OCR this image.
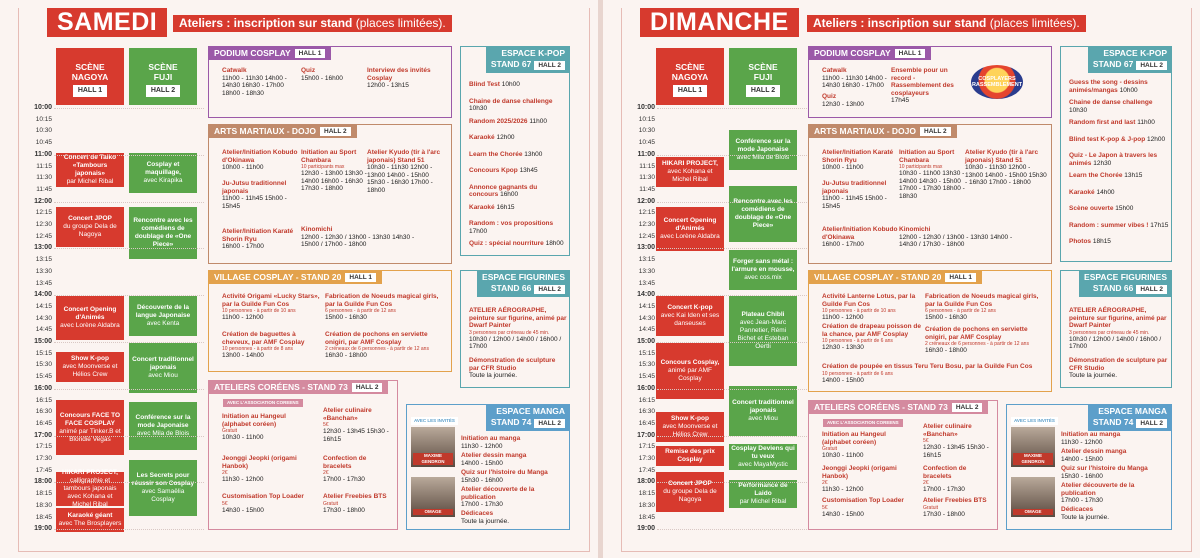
SAMEDI	Ateliers : inscription sur stand (places limitées).
SCÈNE
NAGOYA
HALL 1
SCÈNE
FUJI
HALL 2
10:00
10:15
10:30
10:45
11:00
11:15
11:30
11:45
12:00
12:15
12:30
12:45
13:00
13:15
13:30
13:45
14:00
14:15
14:30
14:45
15:00
15:15
15:30
15:45
16:00
16:15
16:30
16:45
17:00
17:15
17:30
17:45
18:00
18:15
18:30
18:45
19:00
Concert de Taiko «Tambours japonais»
par Michel Ribal
Concert JPOP
du groupe Dela de Nagoya
Concert Opening d'Animés
avec Lorène Aldabra
Show K-pop
avec Moonverse et Hélios Crew
Concours FACE TO FACE COSPLAY
animé par Tinker.B et Blondie Vegas
HIKARI PROJECT,
calligraphie et tambours japonais avec Kohana et Michel Ribal
Karaoké géant
avec The Brosplayers
Cosplay et maquillage,
avec Kirapika
Rencontre avec les comédiens de doublage de «One Piece»
Découverte de la langue Japonaise
avec Kenta
Concert traditionnel japonais
avec Miou
Conférence sur la mode Japonaise
avec Mila de Blois
Les Secrets pour réussir son Cosplay
avec Samaëlia Cosplay
PODIUM COSPLAY HALL 1
Catwalk
11h00 - 11h30 14h00 - 14h30 16h30 - 17h00 18h00 - 18h30
Quiz
15h00 - 16h00
Interview des invités Cosplay
12h00 - 13h15
ARTS MARTIAUX - DOJO HALL 2
Atelier/Initiation Kobudo d'Okinawa
10h00 - 11h00
Initiation au Sport Chanbara
10 participants max
12h30 - 13h00 13h30 - 14h00 16h00 - 16h30 17h30 - 18h00
Atelier Kyudo (tir à l'arc japonais) Stand 51
10h30 - 11h30 12h00 - 13h00 14h00 - 15h00 15h30 - 16h30 17h00 - 18h00
Ju-Jutsu traditionnel japonais
11h00 - 11h45 15h00 - 15h45
Atelier/Initiation Karaté Shorin Ryu
16h00 - 17h00
Kinomichi
12h00 - 12h30 / 13h00 - 13h30 14h30 - 15h00 / 17h00 - 18h00
VILLAGE COSPLAY - STAND 20 HALL 1
Activité Origami «Lucky Stars», par la Guilde Fun Cos
10 personnes - à partir de 10 ans
11h00 - 12h00
Fabrication de Noeuds magical girls, par la Guilde Fun Cos
6 personnes - à partir de 12 ans
15h00 - 16h30
Création de baguettes à cheveux, par AMF Cosplay
10 personnes - à partir de 8 ans
13h00 - 14h00
Création de pochons en serviette onigiri, par AMF Cosplay
2 créneaux de 6 personnes - à partir de 12 ans
16h30 - 18h00
ATELIERS CORÉENS - STAND 73 HALL 2
AVEC L'ASSOCIATION COREENS
Initiation au Hangeul (alphabet coréen)
Gratuit
10h30 - 11h00
Atelier culinaire «Banchan»
5€
12h30 - 13h45 15h30 - 16h15
Jeonggi Jeopki (origami Hanbok)
2€
11h30 - 12h00
Confection de bracelets
2€
17h00 - 17h30
Customisation Top Loader
5€
14h30 - 15h00
Atelier Freebies BTS
Gratuit
17h30 - 18h00
ESPACE K-POP
STAND 67 HALL 2
Blind Test 10h00
Chaine de danse challenge 10h30
Random 2025/2026 11h00
Karaoké 12h00
Learn the Chorée 13h00
Concours Kpop 13h45
Annonce gagnants du concours 16h00
Karaoké 16h15
Random : vos propositions 17h00
Quiz : spécial nourriture 18h00
ESPACE FIGURINES
STAND 66 HALL 2
ATELIER AÉROGRAPHE, peinture sur figurine, animé par Dwarf Painter
3 personnes par créneau de 45 min.
10h30 / 12h00 / 14h00 / 16h00 / 17h00
Démonstration de sculpture par CFR Studio
Toute la journée.
ESPACE MANGA
STAND 74 HALL 2
AVEC LES INVITÉS
MAXIME GENDRON
OMAGE
Initiation au manga
11h30 - 12h00
Atelier dessin manga
14h00 - 15h00
Quiz sur l'histoire du Manga
15h30 - 16h00
Atelier découverte de la publication
17h00 - 17h30
Dédicaces
Toute la journée.
DIMANCHE	Ateliers : inscription sur stand (places limitées).
SCÈNE
NAGOYA
HALL 1
SCÈNE
FUJI
HALL 2
10:00
10:15
10:30
10:45
11:00
11:15
11:30
11:45
12:00
12:15
12:30
12:45
13:00
13:15
13:30
13:45
14:00
14:15
14:30
14:45
15:00
15:15
15:30
15:45
16:00
16:15
16:30
16:45
17:00
17:15
17:30
17:45
18:00
18:15
18:30
18:45
19:00
HIKARI PROJECT,
avec Kohana et Michel Ribal
Concert Opening d'Animés
avec Lorène Aldabra
Concert K-pop
avec Kai Iden et ses danseuses
Concours Cosplay,
animé par AMF Cosplay
Show K-pop
avec Moonverse et Hélios Crew
Remise des prix Cosplay
Concert JPOP
du groupe Dela de Nagoya
Conférence sur la mode Japonaise
avec Mila de Blois
Rencontre avec les comédiens de doublage de «One Piece»
Forger sans métal : l'armure en mousse,
avec cos.mix
Plateau Chibli
avec Jean-Marc Pannetier, Rémi Bichet et Esteban Oertli
Concert traditionnel japonais
avec Miou
Cosplay Deviens qui tu veux
avec MayaMystic
Performance de Laido
par Michel Ribal
PODIUM COSPLAY HALL 1
Catwalk
11h00 - 11h30 14h00 - 14h30 16h30 - 17h00
Quiz
12h30 - 13h00
Ensemble pour un record - Rassemblement des cosplayeurs
17h45
COSPLAYERS
RASSEMBLEMENT
ARTS MARTIAUX - DOJO HALL 2
Atelier/Initiation Karaté Shorin Ryu
10h00 - 11h00
Initiation au Sport Chanbara
10 participants max
10h30 - 11h00 13h30 - 14h00 14h30 - 15h00 17h00 - 17h30 18h00 - 18h30
Atelier Kyudo (tir à l'arc japonais) Stand 51
10h30 - 11h30 12h00 - 13h00 14h00 - 15h00 15h30 - 16h30 17h00 - 18h00
Ju-Jutsu traditionnel japonais
11h00 - 11h45 15h00 - 15h45
Atelier/Initiation Kobudo d'Okinawa
16h00 - 17h00
Kinomichi
12h00 - 12h30 / 13h00 - 13h30 14h00 - 14h30 / 17h30 - 18h00
VILLAGE COSPLAY - STAND 20 HALL 1
Activité Lanterne Lotus, par la Guilde Fun Cos
10 personnes - à partir de 10 ans
11h00 - 12h00
Fabrication de Noeuds magical girls, par la Guilde Fun Cos
6 personnes - à partir de 12 ans
15h00 - 16h30
Création de drapeau poisson de la chance, par AMF Cosplay
10 personnes - à partir de 6 ans
12h30 - 13h30
Création de pochons en serviette onigiri, par AMF Cosplay
2 créneaux de 6 personnes - à partir de 12 ans
16h30 - 18h00
Création de poupée en tissus Teru Teru Bosu, par la Guilde Fun Cos
10 personnes - à partir de 6 ans
14h00 - 15h00
ATELIERS CORÉENS - STAND 73 HALL 2
AVEC L'ASSOCIATION COREENS
Initiation au Hangeul (alphabet coréen)
Gratuit
10h30 - 11h00
Atelier culinaire «Banchan»
5€
12h30 - 13h45 15h30 - 16h15
Jeonggi Jeopki (origami Hanbok)
2€
11h30 - 12h00
Confection de bracelets
2€
17h00 - 17h30
Customisation Top Loader
5€
14h30 - 15h00
Atelier Freebies BTS
Gratuit
17h30 - 18h00
ESPACE K-POP
STAND 67 HALL 2
Guess the song - dessins animés/mangas 10h00
Chaine de danse challenge 10h30
Random first and last 11h00
Blind test K-pop & J-pop 12h00
Quiz - Le Japon à travers les animés 12h30
Learn the Chorée 13h15
Karaoké 14h00
Scène ouverte 15h00
Random : summer vibes ! 17h15
Photos 18h15
ESPACE FIGURINES
STAND 66 HALL 2
ATELIER AÉROGRAPHE, peinture sur figurine, animé par Dwarf Painter
3 personnes par créneau de 45 min.
10h30 / 12h00 / 14h00 / 16h00 / 17h00
Démonstration de sculpture par CFR Studio
Toute la journée.
ESPACE MANGA
STAND 74 HALL 2
AVEC LES INVITÉS
MAXIME GENDRON
OMAGE
Initiation au manga
11h30 - 12h00
Atelier dessin manga
14h00 - 15h00
Quiz sur l'histoire du Manga
15h30 - 16h00
Atelier découverte de la publication
17h00 - 17h30
Dédicaces
Toute la journée.
